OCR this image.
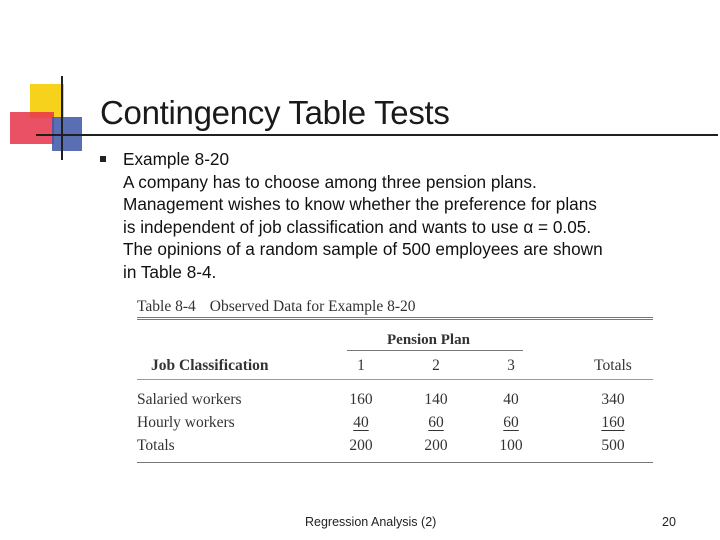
Contingency Table Tests
Example 8-20
A company has to choose among three pension plans.
Management wishes to know whether the preference for plans
is independent of job classification and wants to use α = 0.05.
The opinions of a random sample of 500 employees are shown
in Table 8-4.
Table 8-4 Observed Data for Example 8-20
Pension Plan
Job Classification	1	2	3	Totals
Salaried workers	160	140	40	340
Hourly workers	40	60	60	160
Totals	200	200	100	500
Regression Analysis (2)	20
